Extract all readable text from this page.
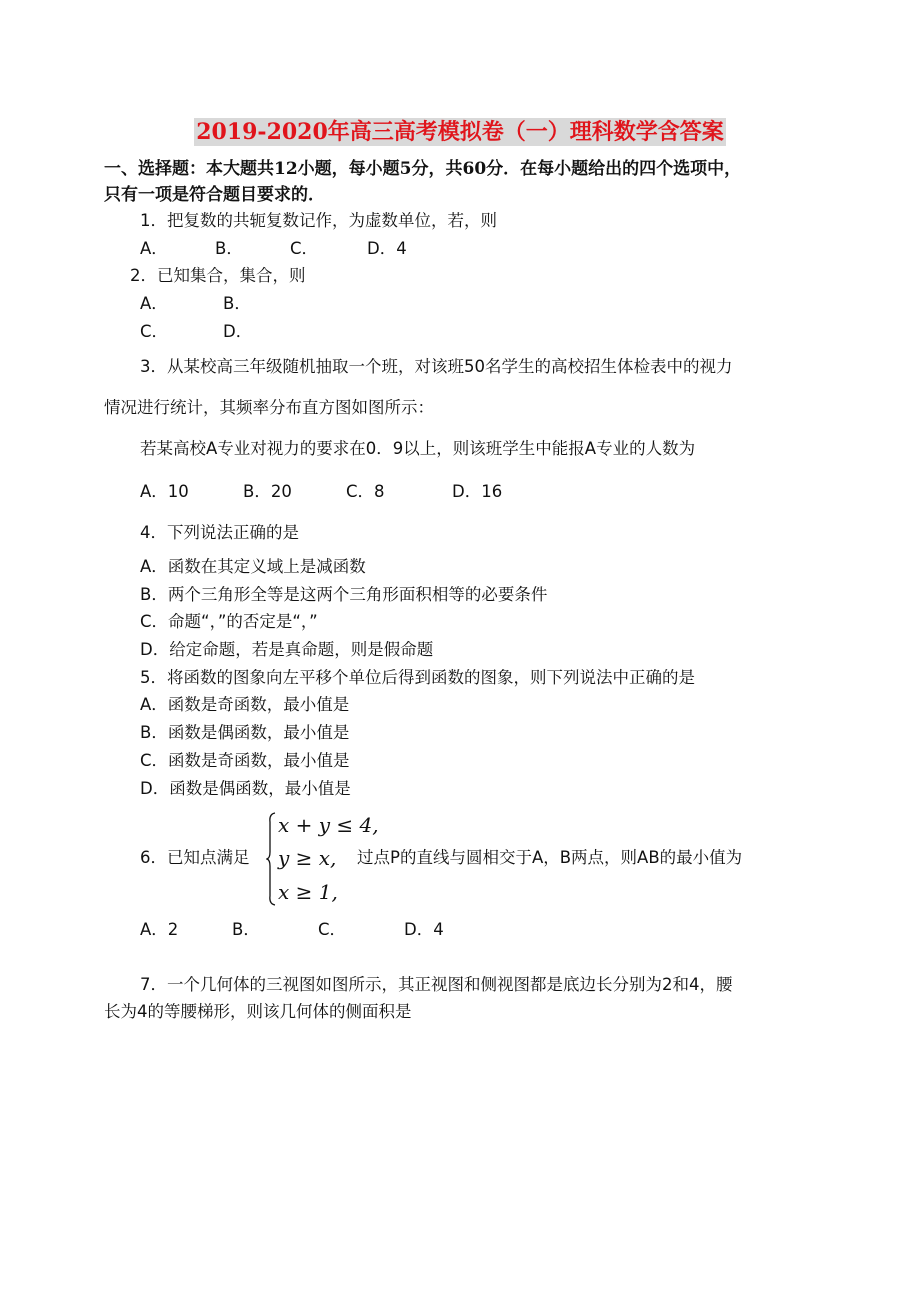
2019-2020年高三高考模拟卷（一）理科数学含答案
一、选择题：本大题共12小题，每小题5分，共60分．在每小题给出的四个选项中，
只有一项是符合题目要求的．
1．把复数的共轭复数记作，为虚数单位，若，则
A．	B．	C．	D．4
2．已知集合，集合，则
A．	B．
C．	D．
3．从某校高三年级随机抽取一个班，对该班50名学生的高校招生体检表中的视力
情况进行统计，其频率分布直方图如图所示：
若某高校A专业对视力的要求在0．9以上，则该班学生中能报A专业的人数为
A．10	B．20	C．8	D．16
4．下列说法正确的是
A．函数在其定义域上是减函数
B．两个三角形全等是这两个三角形面积相等的必要条件
C．命题“，”的否定是“，”
D．给定命题，若是真命题，则是假命题
5．将函数的图象向左平移个单位后得到函数的图象，则下列说法中正确的是
A．函数是奇函数，最小值是
B．函数是偶函数，最小值是
C．函数是奇函数，最小值是
D．函数是偶函数，最小值是
6．已知点满足
x + y ≤ 4,
y ≥ x,
x ≥ 1,
过点P的直线与圆相交于A，B两点，则AB的最小值为
A．2	B．	C．	D．4
7．一个几何体的三视图如图所示，其正视图和侧视图都是底边长分别为2和4，腰
长为4的等腰梯形，则该几何体的侧面积是
